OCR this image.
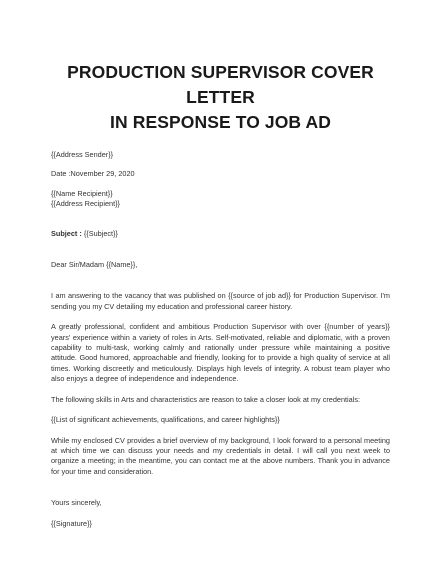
PRODUCTION SUPERVISOR COVER LETTER
IN RESPONSE TO JOB AD

{{Address Sender}}

Date :November 29, 2020

{{Name Recipient}}
{{Address Recipient}}

Subject : {{Subject}}

Dear Sir/Madam {{Name}},

I am answering to the vacancy that was published on {{source of job ad}} for Production Supervisor. I'm sending you my CV detailing my education and professional career history.

A greatly professional, confident and ambitious Production Supervisor with over {{number of years}} years' experience within a variety of roles in Arts. Self-motivated, reliable and diplomatic, with a proven capability to multi-task, working calmly and rationally under pressure while maintaining a positive attitude. Good humored, approachable and friendly, looking for to provide a high quality of service at all times. Working discreetly and meticulously. Displays high levels of integrity. A robust team player who also enjoys a degree of independence and independence.

The following skills in Arts and characteristics are reason to take a closer look at my credentials:

{{List of significant achievements, qualifications, and career highlights}}

While my enclosed CV provides a brief overview of my background, I look forward to a personal meeting at which time we can discuss your needs and my credentials in detail. I will call you next week to organize a meeting; in the meantime, you can contact me at the above numbers. Thank you in advance for your time and consideration.

Yours sincerely,

{{Signature}}
